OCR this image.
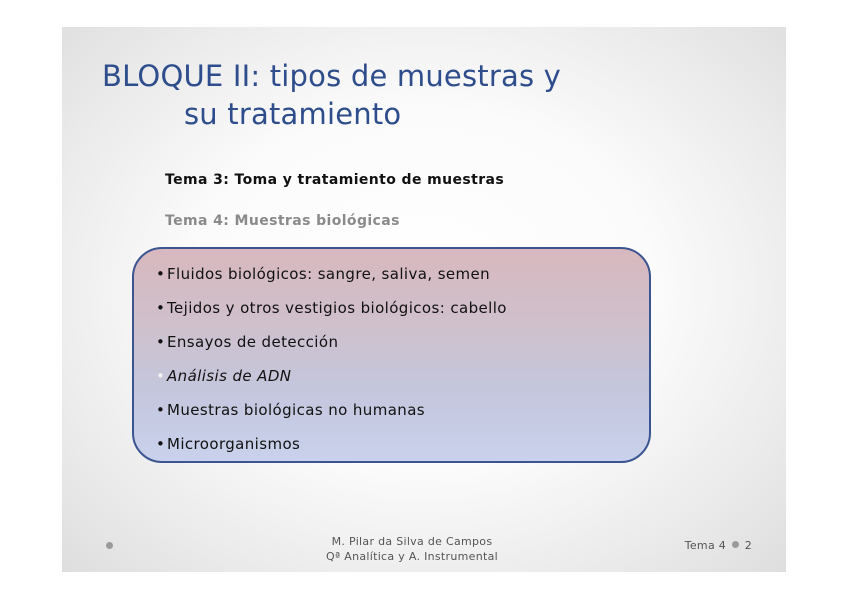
BLOQUE II: tipos de muestras y
su tratamiento
Tema 3: Toma y tratamiento de muestras
Tema 4: Muestras biológicas
• Fluidos biológicos: sangre, saliva, semen
• Tejidos y otros vestigios biológicos: cabello
• Ensayos de detección
• Análisis de ADN
• Muestras biológicas no humanas
• Microorganismos
M. Pilar da Silva de Campos
Qª Analítica y A. Instrumental
Tema 4 2
